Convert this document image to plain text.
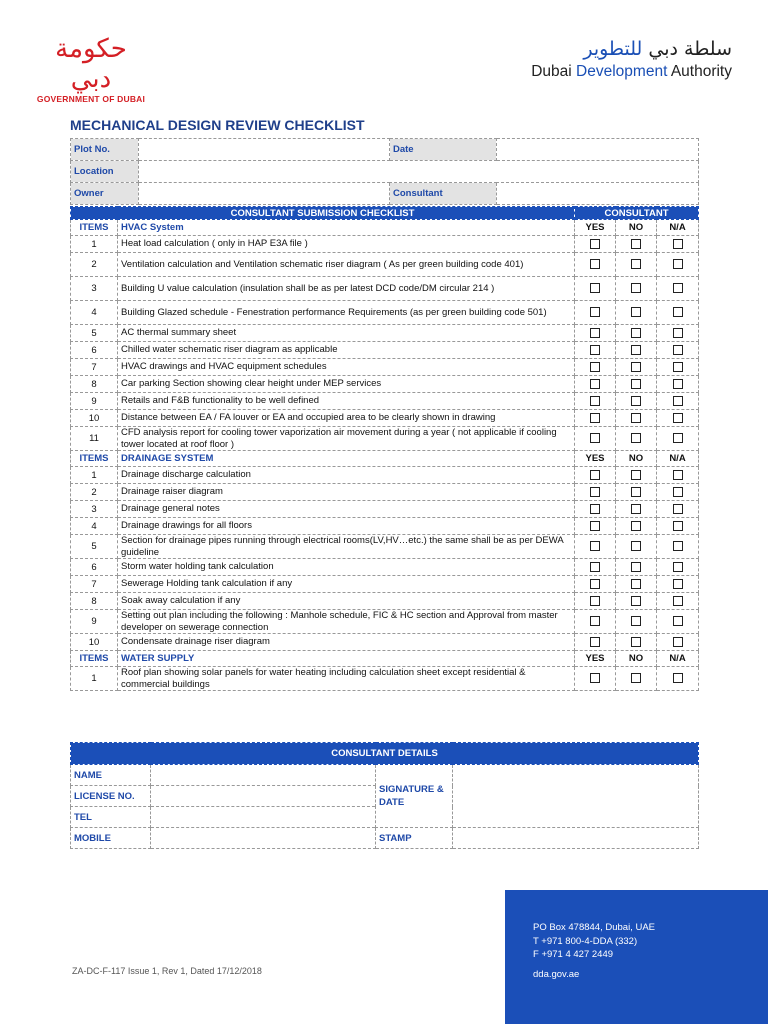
حكومة دبي
GOVERNMENT OF DUBAI
سلطة دبي للتطوير
Dubai Development Authority
MECHANICAL DESIGN REVIEW CHECKLIST
Plot No.		Date	
Location			
Owner		Consultant	
CONSULTANT SUBMISSION CHECKLIST		CONSULTANT		
ITEMS	HVAC System	YES	NO	N/A
1	Heat load calculation ( only in HAP E3A file )			
2	Ventilation calculation and Ventilation schematic riser diagram ( As per green building code 401)			
3	Building U value calculation (insulation shall be as per latest DCD code/DM circular 214 )			
4	Building Glazed schedule - Fenestration performance Requirements (as per green building code 501)			
5	AC thermal summary sheet			
6	Chilled water schematic riser diagram as applicable			
7	HVAC drawings and HVAC equipment schedules			
8	Car parking Section showing clear height under MEP services			
9	Retails and F&B functionality to be well defined			
10	Distance between EA / FA louver or EA and occupied area to be clearly shown in drawing			
11	CFD analysis report for cooling tower vaporization air movement during a year ( not applicable if cooling tower located at roof floor )			
ITEMS	DRAINAGE SYSTEM	YES	NO	N/A
1	Drainage discharge calculation			
2	Drainage raiser diagram			
3	Drainage general notes			
4	Drainage drawings for all floors			
5	Section for drainage pipes running through electrical rooms(LV,HV…etc.) the same shall be as per DEWA guideline			
6	Storm water holding tank calculation			
7	Sewerage Holding tank calculation if any			
8	Soak away calculation if any			
9	Setting out plan including the following : Manhole schedule, FIC & HC section and Approval from master developer on sewerage connection			
10	Condensate drainage riser diagram			
ITEMS	WATER SUPPLY	YES	NO	N/A
1	Roof plan showing solar panels for water heating including calculation sheet except residential & commercial buildings			
CONSULTANT DETAILS			
NAME		SIGNATURE & DATE	
LICENSE NO.			
TEL			
MOBILE		STAMP	
ZA-DC-F-117 Issue 1, Rev 1, Dated 17/12/2018
PO Box 478844, Dubai, UAE
T +971 800-4-DDA (332)
F +971 4 427 2449
dda.gov.ae
